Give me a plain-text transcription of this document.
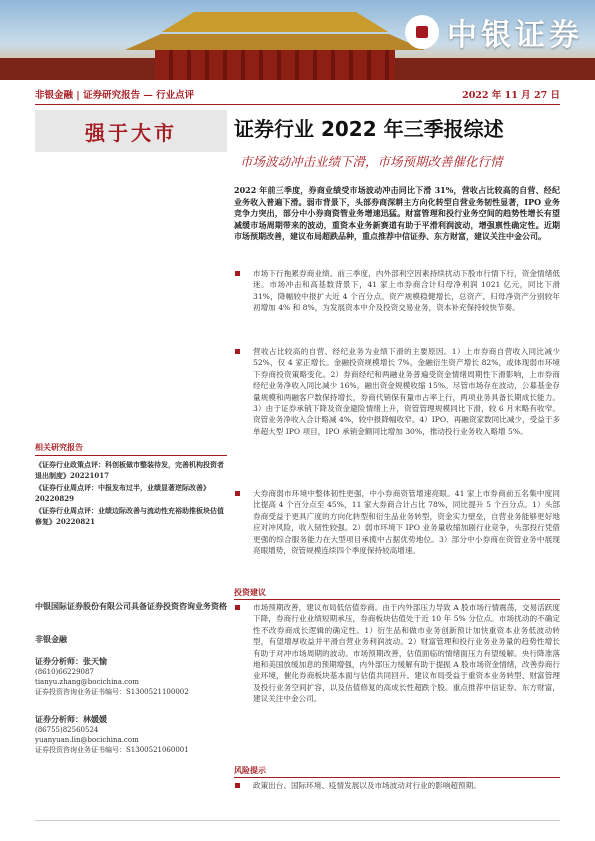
中银证券
非银金融 | 证券研究报告 — 行业点评	2022 年 11 月 27 日
强于大市
相关研究报告
《证券行业政策点评：科创板做市整装待发，完善机构投资者退出制度》20221017
《证券行业周点评：中报发布过半，业绩显著逆际改善》20220829
《证券行业周点评：业绩边际改善与流动性充裕助推板块估值修复》20220821
中银国际证券股份有限公司具备证券投资咨询业务资格
非银金融
证券分析师：张天愉
(8610)66229087
tianyu.zhang@bocichina.com
证券投资咨询业务证书编号：S1300521100002
证券分析师：林媛媛
(86755)82560524
yuanyuan.lin@bocichina.com
证券投资咨询业务证书编号：S1300521060001
证券行业 2022 年三季报综述
市场波动冲击业绩下滑，市场预期改善催化行情
2022 年前三季度，券商业绩受市场波动冲击同比下滑 31%，营收占比较高的自营、经纪业务收入普遍下滑。弱市背景下，头部券商深耕主方向化转型自营业务韧性显著，IPO 业务竞争力突出，部分中小券商资管业务增速迅猛。财富管理和投行业务空间的趋势性增长有望减缓市场周期带来的波动，重资本业务新赛道有助于平滑利润波动，增强禀性确定性。近期市场预期改善，建议布局超跌品种，重点推荐中信证券、东方财富，建议关注中金公司。
市场下行拖累券商业绩。前三季度，内外部利空因素持续扰动下股市行情下行，资金情绪低迷。市场冲击和高基数背景下，41 家上市券商合计归母净利润 1021 亿元，同比下滑 31%，降幅较中报扩大近 4 个百分点。资产规模稳健增长，总资产、归母净资产分别较年初增加 4% 和 8%，为发展资本中介及投资交易业务，资本补充保持较快节奏。
营收占比较高的自营、经纪业务为业绩下滑的主要原因。1）上市券商自营收入同比减少 52%，仅 4 家正增长。金融投资规模增长 7%，金融衍生资产增长 82%，或体现弱市环境下券商投资策略变化。2）券商经纪和两融业务普遍受资金情绪周期性下滑影响，上市券商经纪业务净收入同比减少 16%，融出资金规模收缩 15%。尽管市场存在波动，公募基金存量规模和两融客户数保持增长，券商代销保有量市占率上行，两项业务具备长期成长能力。3）由于证券承销下降及资金避险情绪上升，资管管理规模同比下滑，较 6 月末略有收窄。资管业务净收入合计略减 4%，较中报降幅收窄。4）IPO、再融资家数同比减少，受益于多单超大型 IPO 项目，IPO 承销金额同比增加 30%，推动投行业务收入略增 5%。
大券商弱市环境中整体韧性更强，中小券商资管增速亮眼。41 家上市券商前五名集中度同比提高 4 个百分点至 45%，11 家大券商合计占比 78%，同比提升 5 个百分点。1）头部券商受益于更具广度的方向化转型和衍生品业务转型，资金实力壁垒，自营业务能够更好地应对冲风险，收入韧性较强。2）弱市环境下 IPO 业务量收缩加剧行业竞争，头部投行凭借更强的综合服务能力在大型项目承揽中占据优势地位。3）部分中小券商在资管业务中展现亮眼增势，资管规模连续四个季度保持较高增速。
投资建议
市场预期改善，建议布局低估值券商。由于内外部压力导致 A 股市场行情震荡，交易活跃度下降，券商行业业绩短期承压，券商板块估值处于近 10 年 5% 分位点。市场扰动的不确定性不改券商成长逻辑的确定性。1）衍生品和做市业务创新预计加快重资本业务低波动转型，有望增厚收益并平滑自营业务利润波动。2）财富管理和投行业务业务量的趋势性增长有助于对冲市场周期的波动。市场预期改善，估值面临的情绪面压力有望缓解。央行降准落地和美国放缓加息的预期增强，内外部压力缓解有助于提振 A 股市场资金情绪，改善券商行业环境，催化券商板块基本面与估值共同回升。建议布局受益于重资本业务转型、财富管理及投行业务空间扩容，以及估值修复的高成长性超跌个股。重点推荐中信证券、东方财富，建议关注中金公司。
风险提示
政策出台、国际环境、疫情发展以及市场波动对行业的影响超预期。
